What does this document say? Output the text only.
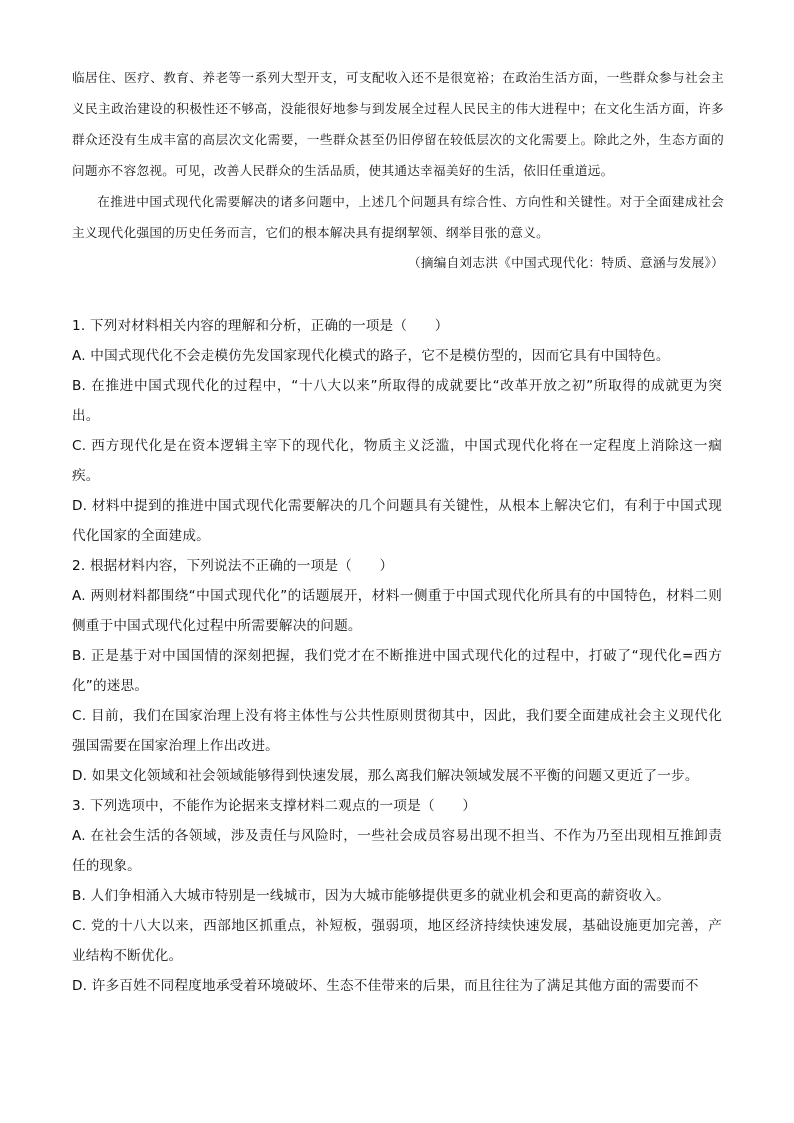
临居住、医疗、教育、养老等一系列大型开支，可支配收入还不是很宽裕；在政治生活方面，一些群众参与社会主义民主政治建设的积极性还不够高，没能很好地参与到发展全过程人民民主的伟大进程中；在文化生活方面，许多群众还没有生成丰富的高层次文化需要，一些群众甚至仍旧停留在较低层次的文化需要上。除此之外，生态方面的问题亦不容忽视。可见，改善人民群众的生活品质，使其通达幸福美好的生活，依旧任重道远。

在推进中国式现代化需要解决的诸多问题中，上述几个问题具有综合性、方向性和关键性。对于全面建成社会主义现代化强国的历史任务而言，它们的根本解决具有提纲挈领、纲举目张的意义。

（摘编自刘志洪《中国式现代化：特质、意涵与发展》）

1. 下列对材料相关内容的理解和分析，正确的一项是（　　）

A. 中国式现代化不会走模仿先发国家现代化模式的路子，它不是模仿型的，因而它具有中国特色。

B. 在推进中国式现代化的过程中，“十八大以来”所取得的成就要比“改革开放之初”所取得的成就更为突出。

C. 西方现代化是在资本逻辑主宰下的现代化，物质主义泛滥，中国式现代化将在一定程度上消除这一痼疾。

D. 材料中提到的推进中国式现代化需要解决的几个问题具有关键性，从根本上解决它们，有利于中国式现代化国家的全面建成。

2. 根据材料内容，下列说法不正确的一项是（　　）

A. 两则材料都围绕“中国式现代化”的话题展开，材料一侧重于中国式现代化所具有的中国特色，材料二则侧重于中国式现代化过程中所需要解决的问题。

B. 正是基于对中国国情的深刻把握，我们党才在不断推进中国式现代化的过程中，打破了“现代化=西方化”的迷思。

C. 目前，我们在国家治理上没有将主体性与公共性原则贯彻其中，因此，我们要全面建成社会主义现代化强国需要在国家治理上作出改进。

D. 如果文化领域和社会领域能够得到快速发展，那么离我们解决领域发展不平衡的问题又更近了一步。

3. 下列选项中，不能作为论据来支撑材料二观点的一项是（　　）

A. 在社会生活的各领域，涉及责任与风险时，一些社会成员容易出现不担当、不作为乃至出现相互推卸责任的现象。

B. 人们争相涌入大城市特别是一线城市，因为大城市能够提供更多的就业机会和更高的薪资收入。

C. 党的十八大以来，西部地区抓重点，补短板，强弱项，地区经济持续快速发展，基础设施更加完善，产业结构不断优化。

D. 许多百姓不同程度地承受着环境破坏、生态不佳带来的后果，而且往往为了满足其他方面的需要而不
